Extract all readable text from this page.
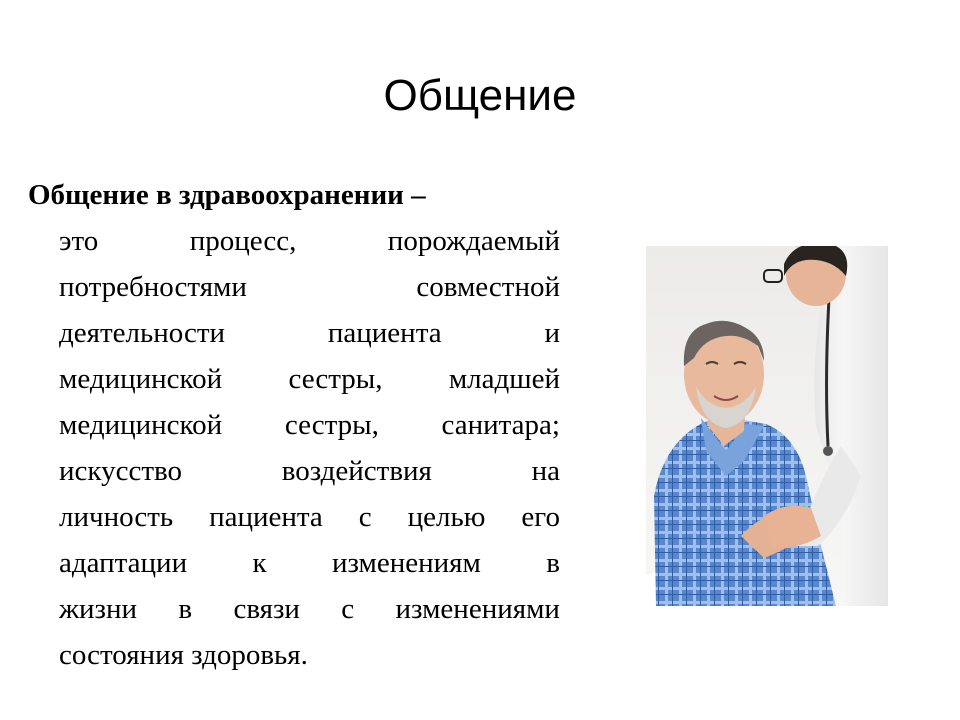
Общение
Общение в здравоохранении –
это	процесс,	порождаемый
потребностями	совместной
деятельности	пациента	и
медицинской сестры, младшей
медицинской сестры, санитара;
искусство	воздействия	на
личность пациента с целью его
адаптации к изменениям в
жизни в связи с изменениями
состояния здоровья.
